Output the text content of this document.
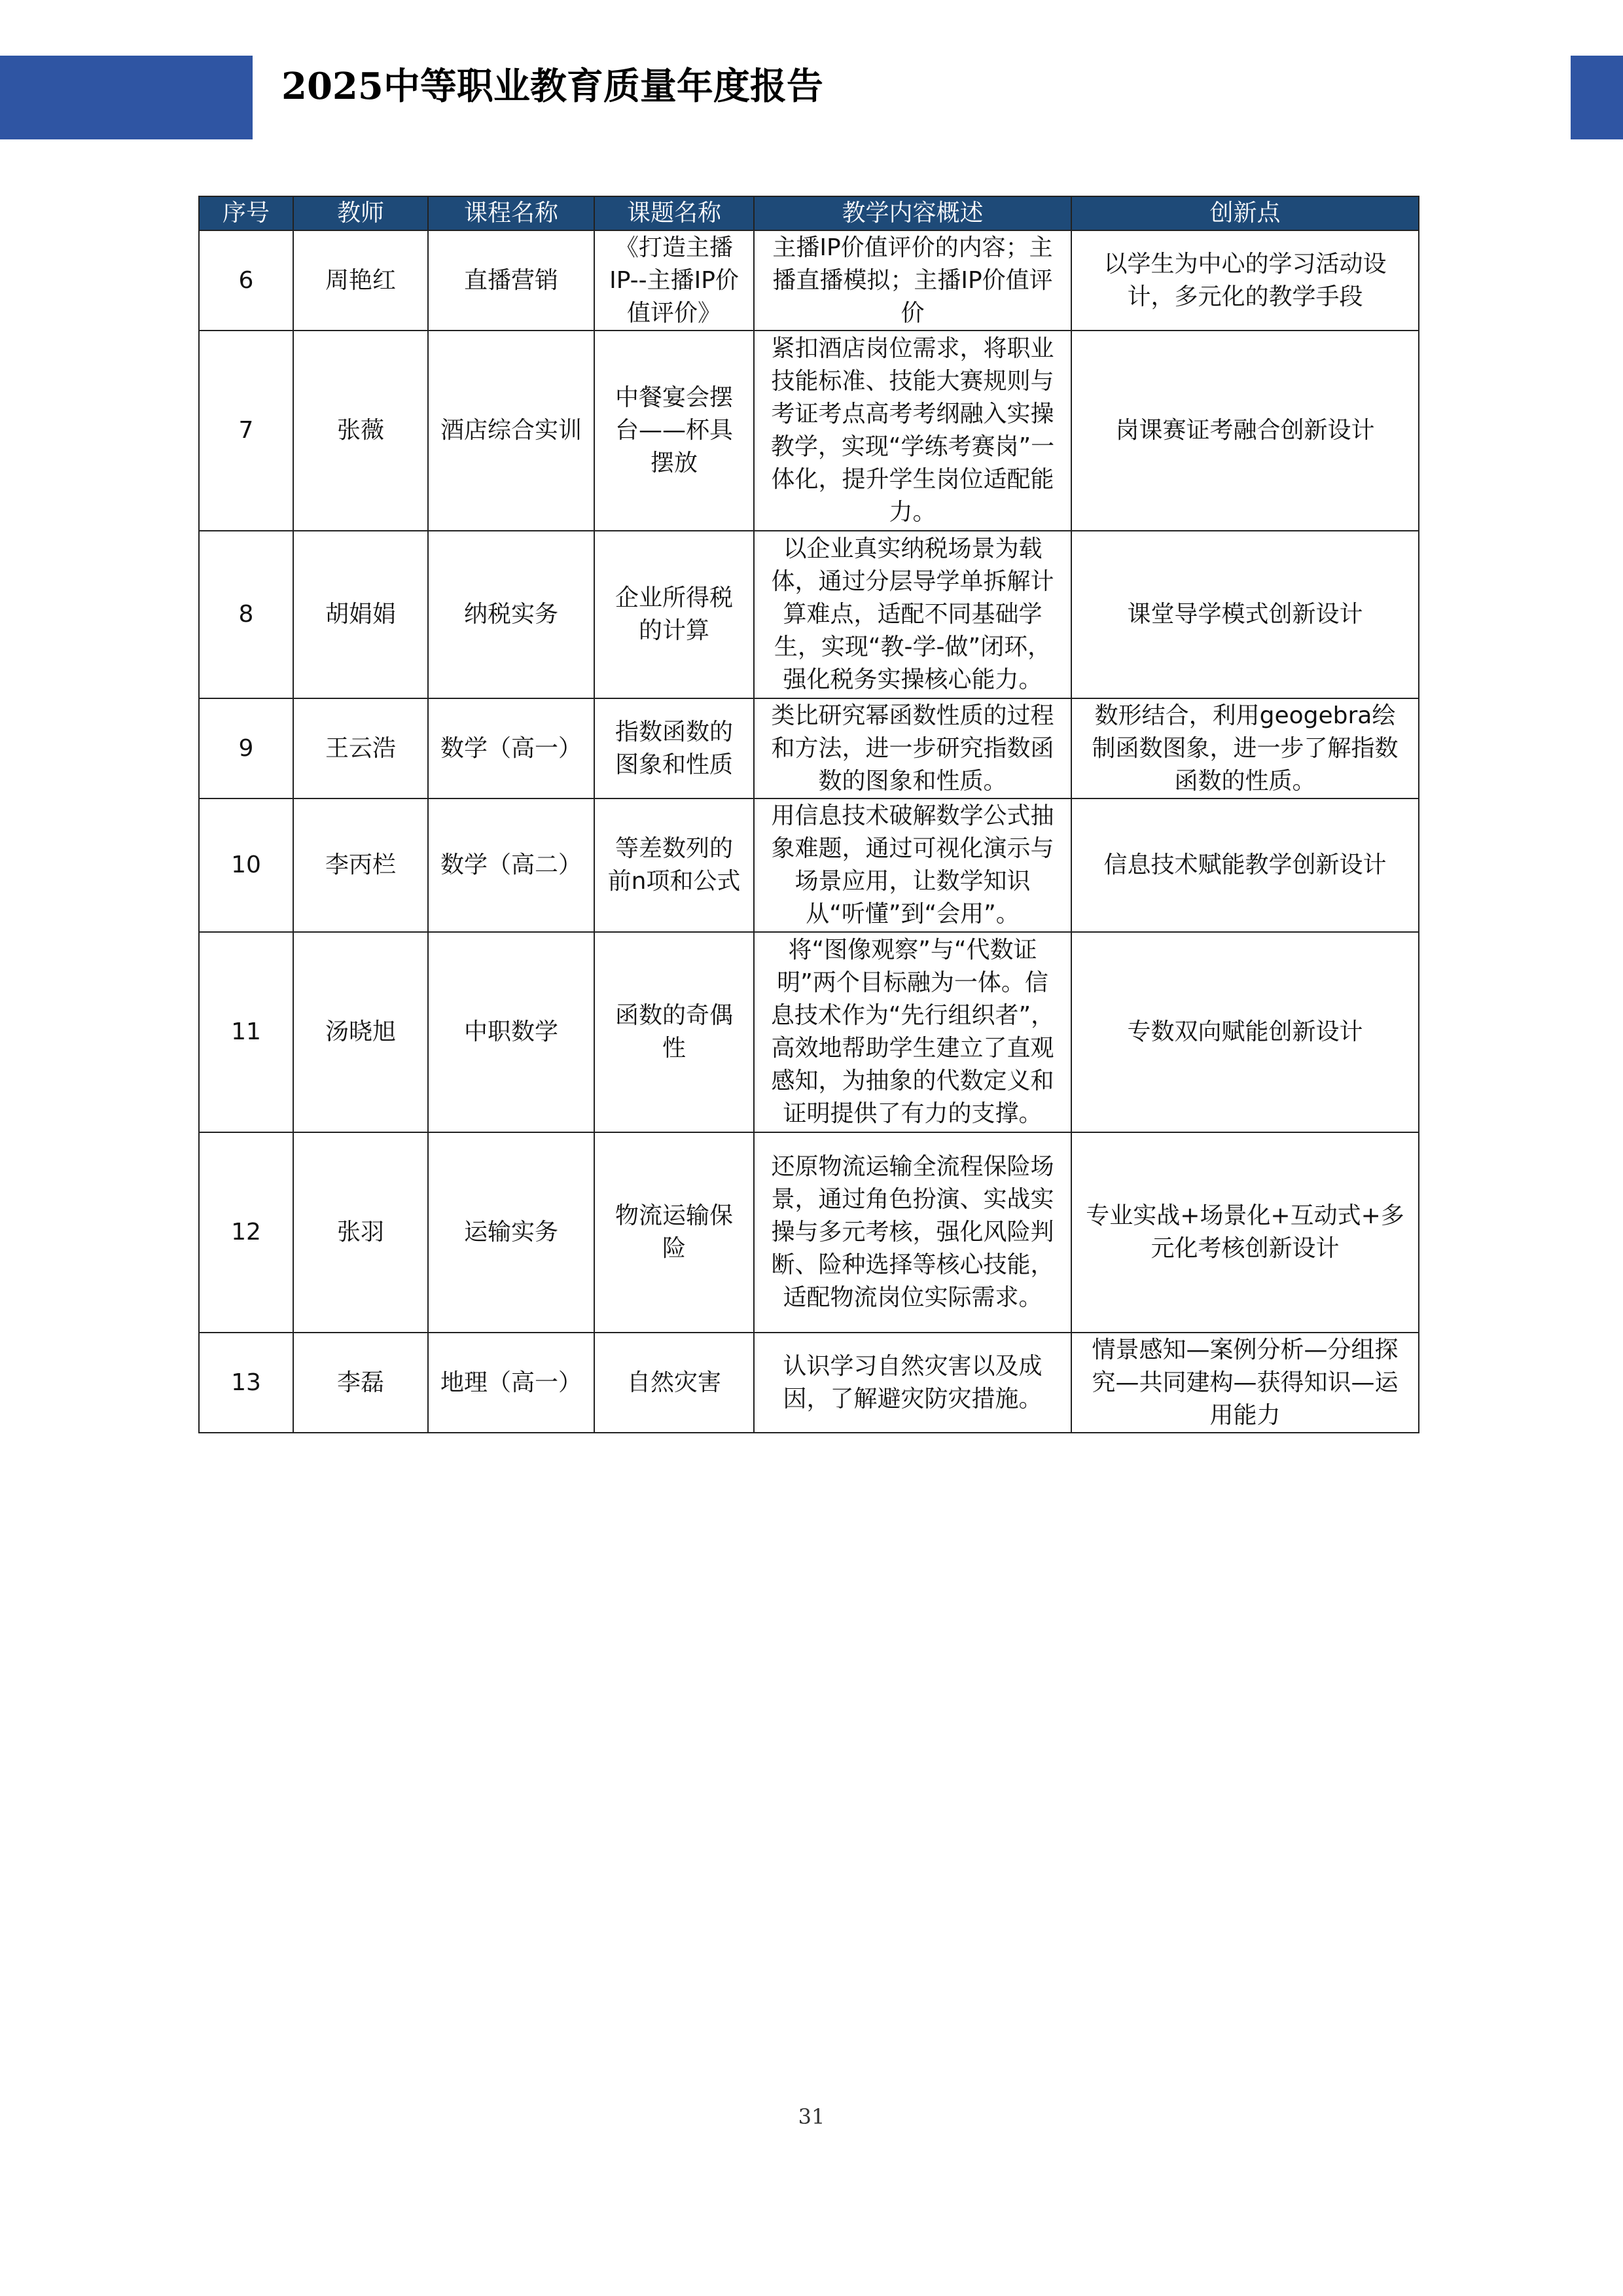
2025中等职业教育质量年度报告
序号	教师	课程名称	课题名称	教学内容概述	创新点
6	周艳红	直播营销	《打造主播IP--主播IP价值评价》	主播IP价值评价的内容；主播直播模拟；主播IP价值评价	以学生为中心的学习活动设计，多元化的教学手段
7	张薇	酒店综合实训	中餐宴会摆台——杯具摆放	紧扣酒店岗位需求，将职业技能标准、技能大赛规则与考证考点高考考纲融入实操教学，实现“学练考赛岗”一体化，提升学生岗位适配能力。	岗课赛证考融合创新设计
8	胡娟娟	纳税实务	企业所得税的计算	以企业真实纳税场景为载体，通过分层导学单拆解计算难点，适配不同基础学生，实现“教-学-做”闭环，强化税务实操核心能力。	课堂导学模式创新设计
9	王云浩	数学（高一）	指数函数的图象和性质	类比研究幂函数性质的过程和方法，进一步研究指数函数的图象和性质。	数形结合，利用geogebra绘制函数图象，进一步了解指数函数的性质。
10	李丙栏	数学（高二）	等差数列的前n项和公式	用信息技术破解数学公式抽象难题，通过可视化演示与场景应用，让数学知识从“听懂”到“会用”。	信息技术赋能教学创新设计
11	汤晓旭	中职数学	函数的奇偶性	将“图像观察”与“代数证明”两个目标融为一体。信息技术作为“先行组织者”，高效地帮助学生建立了直观感知，为抽象的代数定义和证明提供了有力的支撑。	专数双向赋能创新设计
12	张羽	运输实务	物流运输保险	还原物流运输全流程保险场景，通过角色扮演、实战实操与多元考核，强化风险判断、险种选择等核心技能，适配物流岗位实际需求。	专业实战+场景化+互动式+多元化考核创新设计
13	李磊	地理（高一）	自然灾害	认识学习自然灾害以及成因，了解避灾防灾措施。	情景感知—案例分析—分组探究—共同建构—获得知识—运用能力
31
